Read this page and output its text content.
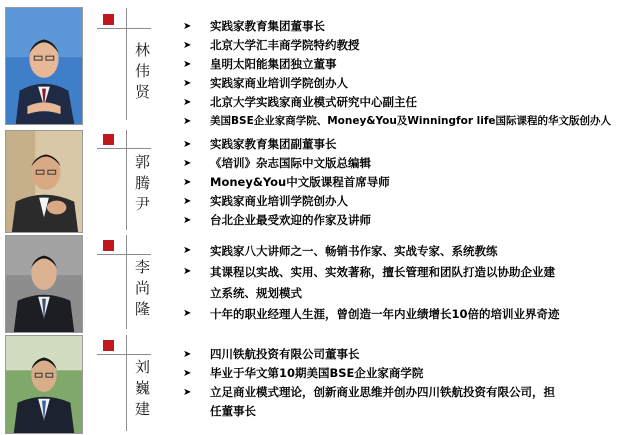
林
伟
贤
➤ 实践家教育集团董事长
➤ 北京大学汇丰商学院特约教授
➤ 皇明太阳能集团独立董事
➤ 实践家商业培训学院创办人
➤ 北京大学实践家商业模式研究中心副主任
➤ 美国BSE企业家商学院、Money&You及Winningfor life国际课程的华文版创办人
郭
腾
尹
➤ 实践家教育集团副董事长
➤ 《培训》杂志国际中文版总编辑
➤ Money&You中文版课程首席导师
➤ 实践家商业培训学院创办人
➤ 台北企业最受欢迎的作家及讲师
李
尚
隆
➤ 实践家八大讲师之一、畅销书作家、实战专家、系统教练
➤ 其课程以实战、实用、实效著称，擅长管理和团队打造以协助企业建
立系统、规划模式
➤ 十年的职业经理人生涯，曾创造一年内业绩增长10倍的培训业界奇迹
刘
巍
建
➤ 四川铁航投资有限公司董事长
➤ 毕业于华文第10期美国BSE企业家商学院
➤ 立足商业模式理论，创新商业思维并创办四川铁航投资有限公司，担
任董事长
